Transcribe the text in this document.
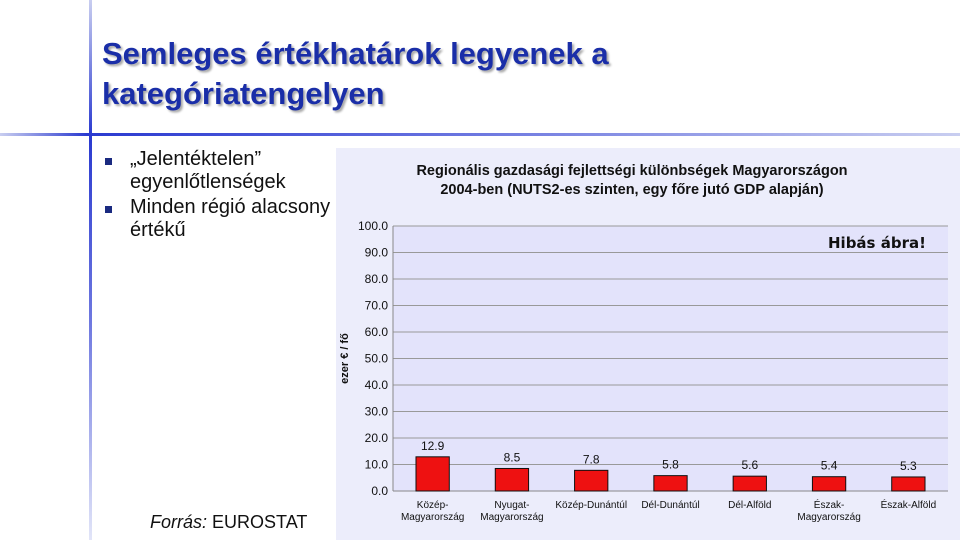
Semleges értékhatárok legyenek a kategóriatengelyen
„Jelentéktelen” egyenlőtlenségek
Minden régió alacsony értékű
Forrás: EUROSTAT
Regionális gazdasági fejlettségi különbségek Magyarországon
2004-ben (NUTS2-es szinten, egy főre jutó GDP alapján)
0.0
10.0
20.0
30.0
40.0
50.0
60.0
70.0
80.0
90.0
100.0
ezer € / fő
12.9
Közép-
Magyarország
8.5
Nyugat-
Magyarország
7.8
Közép-Dunántúl
5.8
Dél-Dunántúl
5.6
Dél-Alföld
5.4
Észak-
Magyarország
5.3
Észak-Alföld
Hibás ábra!
